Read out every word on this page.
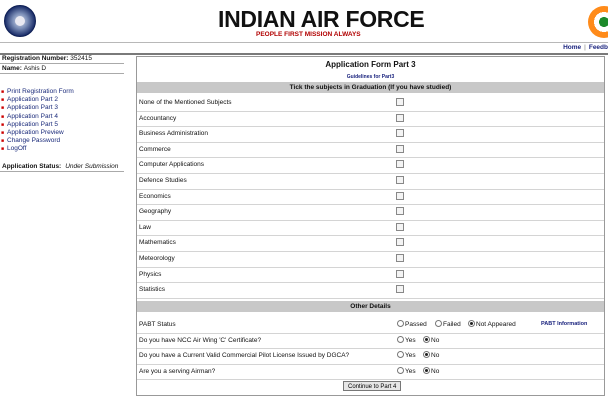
INDIAN AIR FORCE
PEOPLE FIRST MISSION ALWAYS
Home | Feedb
Registration Number: 352415
Name: Ashis D
■ Print Registration Form
■ Application Part 2
■ Application Part 3
■ Application Part 4
■ Application Part 5
■ Application Preview
■ Change Password
■ LogOff
Application Status: Under Submission
Application Form Part 3
Guidelines for Part3
Tick the subjects in Graduation (If you have studied)
None of the Mentioned Subjects
Accountancy
Business Administration
Commerce
Computer Applications
Defence Studies
Economics
Geography
Law
Mathematics
Meteorology
Physics
Statistics
Other Details
PABT Status	Passed	Failed	Not Appeared	PABT Information
Do you have NCC Air Wing 'C' Certificate?	Yes	No
Do you have a Current Valid Commercial Pilot License Issued by DGCA?	Yes	No
Are you a serving Airman?	Yes	No
Continue to Part 4
